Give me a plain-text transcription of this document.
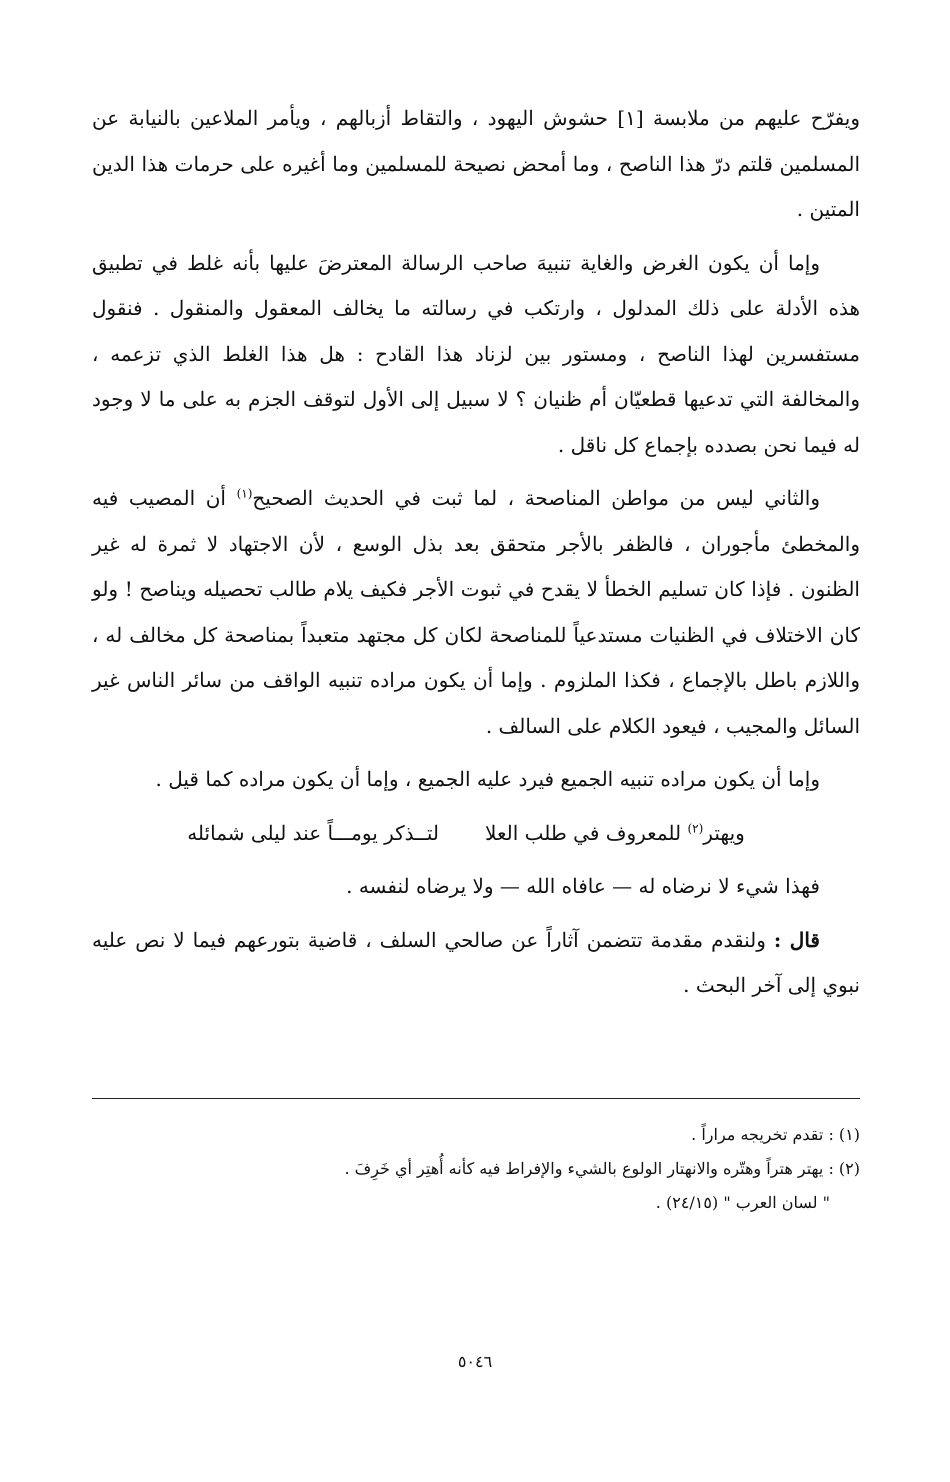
ويفرّح عليهم من ملابسة [١] حشوش اليهود ، والتقاط أزبالهم ، ويأمر الملاعين بالنيابة عن المسلمين قلتم درّ هذا الناصح ، وما أمحض نصيحة للمسلمين وما أغيره على حرمات هذا الدين المتين .

وإما أن يكون الغرض والغاية تنبيهَ صاحب الرسالة المعترضَ عليها بأنه غلط في تطبيق هذه الأدلة على ذلك المدلول ، وارتكب في رسالته ما يخالف المعقول والمنقول . فنقول مستفسرين لهذا الناصح ، ومستور بين لزناد هذا القادح : هل هذا الغلط الذي تزعمه ، والمخالفة التي تدعيها قطعيّان أم ظنيان ؟ لا سبيل إلى الأول لتوقف الجزم به على ما لا وجود له فيما نحن بصدده بإجماع كل ناقل .

والثاني ليس من مواطن المناصحة ، لما ثبت في الحديث الصحيح$^{(١)}$ أن المصيب فيه والمخطئ مأجوران ، فالظفر بالأجر متحقق بعد بذل الوسع ، لأن الاجتهاد لا ثمرة له غير الظنون . فإذا كان تسليم الخطأ لا يقدح في ثبوت الأجر فكيف يلام طالب تحصيله ويناصح ! ولو كان الاختلاف في الظنيات مستدعياً للمناصحة لكان كل مجتهد متعبداً بمناصحة كل مخالف له ، واللازم باطل بالإجماع ، فكذا الملزوم . وإما أن يكون مراده تنبيه الواقف من سائر الناس غير السائل والمجيب ، فيعود الكلام على السالف .

وإما أن يكون مراده تنبيه الجميع فيرد عليه الجميع ، وإما أن يكون مراده كما قيل .

ويهتر$^{(٢)}$ للمعروف في طلب العلا
لتــذكر يومـــاً عند ليلى شمائله

فهذا شيء لا نرضاه له — عافاه الله — ولا يرضاه لنفسه .

قال : ولنقدم مقدمة تتضمن آثاراً عن صالحي السلف ، قاضية بتورعهم فيما لا نص عليه نبوي إلى آخر البحث .

(١) : تقدم تخريجه مراراً .

(٢) : يهتر هتراً وهتّره والانهتار الولوع بالشيء والإفراط فيه كأنه أُهتِر أي خَرِفَ .

" لسان العرب " (٢٤/١٥) .

٥٠٤٦
